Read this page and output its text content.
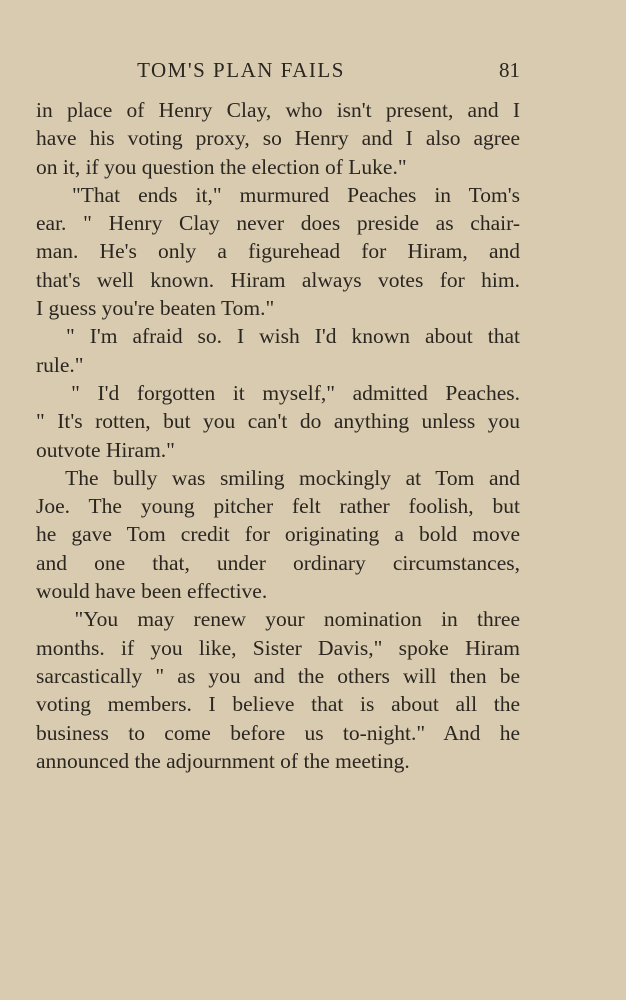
TOM'S PLAN FAILS	81
in place of Henry Clay, who isn't present, and I
have his voting proxy, so Henry and I also agree
on it, if you question the election of Luke."
"That ends it," murmured Peaches in Tom's
ear. " Henry Clay never does preside as chair-
man. He's only a figurehead for Hiram, and
that's well known. Hiram always votes for him.
I guess you're beaten Tom."
" I'm afraid so. I wish I'd known about that
rule."
" I'd forgotten it myself," admitted Peaches.
" It's rotten, but you can't do anything unless you
outvote Hiram."
The bully was smiling mockingly at Tom and
Joe. The young pitcher felt rather foolish, but
he gave Tom credit for originating a bold move
and one that, under ordinary circumstances,
would have been effective.
"You may renew your nomination in three
months. if you like, Sister Davis," spoke Hiram
sarcastically " as you and the others will then be
voting members. I believe that is about all the
business to come before us to-night." And he
announced the adjournment of the meeting.
